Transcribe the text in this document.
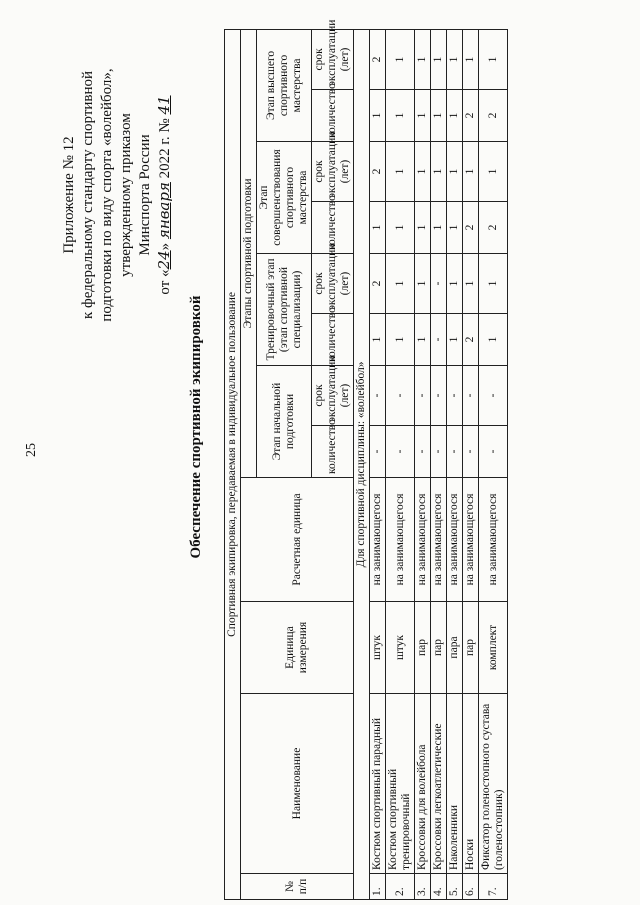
25
Приложение № 12 к федеральному стандарту спортивной подготовки по виду спорта «волейбол», утвержденному приказом Минспорта России
от «24» января 2022 г. № 41
Обеспечение спортивной экипировкой Спортивная экипировка, передаваемая в индивидуальное пользование											
№ п/п	Наименование	Единица измерения	Расчетная единица	Этапы спортивной подготовки							
				Этап начальной подготовки		Тренировочный этап (этап спортивной специализации)		Этап совершенствования спортивного мастерства		Этап высшего спортивного мастерства	
				количество	срок эксплуатации (лет)	количество	срок эксплуатации (лет)	количество	срок эксплуатации (лет)	количество	срок эксплуатации (лет)
Для спортивной дисциплины: «волейбол»											
1.	Костюм спортивный парадный	штук	на занимающегося	-	-	1	2	1	2	1	2
2.	Костюм спортивный тренировочный	штук	на занимающегося	-	-	1	1	1	1	1	1
3.	Кроссовки для волейбола	пар	на занимающегося	-	-	1	1	1	1	1	1
4.	Кроссовки легкоатлетические	пар	на занимающегося	-	-	-	-	1	1	1	1
5.	Наколенники	пара	на занимающегося	-	-	1	1	1	1	1	1
6.	Носки	пар	на занимающегося	-	-	2	1	2	1	2	1
7.	Фиксатор голеностопного сустава (голеностопник)	комплект	на занимающегося	-	-	1	1	2	1	2	1
